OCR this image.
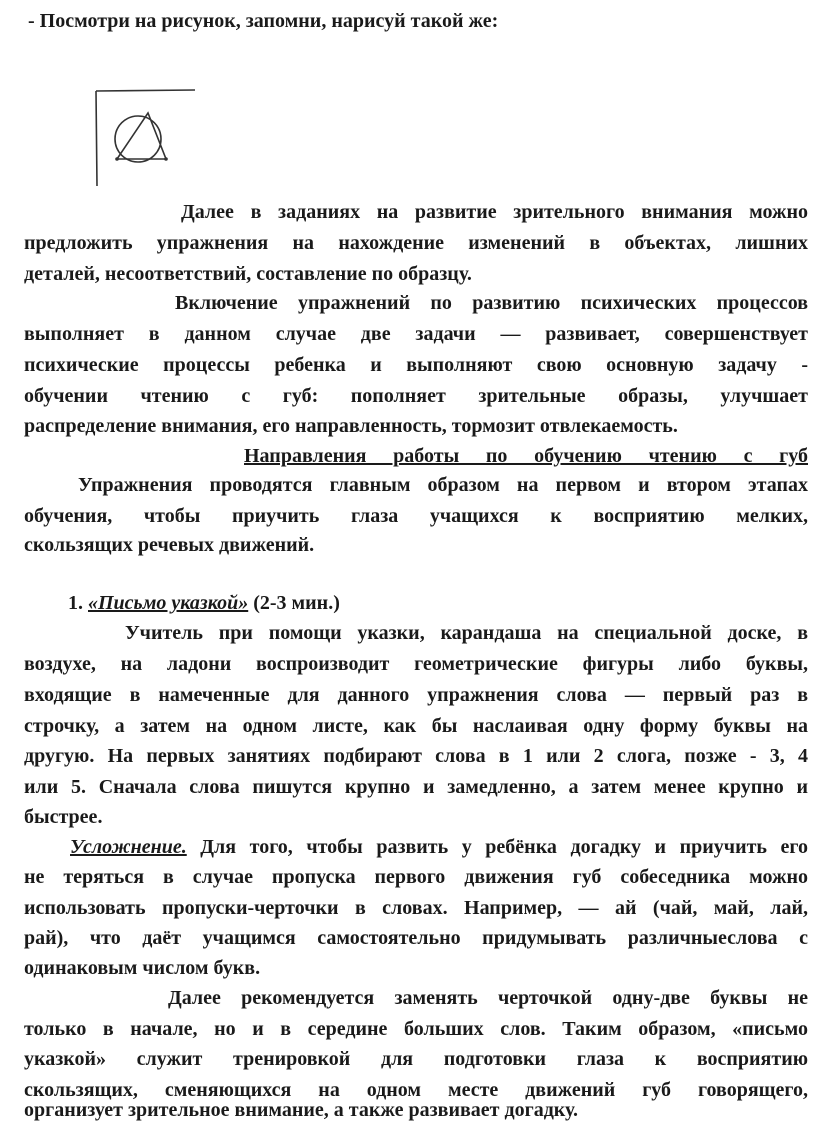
- Посмотри на рисунок, запомни, нарисуй такой же:
Далее в заданиях на развитие зрительного внимания можно
предложить упражнения на нахождение изменений в объектах, лишних
деталей, несоответствий, составление по образцу.
Включение упражнений по развитию психических процессов
выполняет в данном случае две задачи — развивает, совершенствует
психические процессы ребенка и выполняют свою основную задачу -
обучении чтению с губ: пополняет зрительные образы, улучшает
распределение внимания, его направленность, тормозит отвлекаемость.
Направления работы по обучению чтению с губ
Упражнения проводятся главным образом на первом и втором этапах
обучения, чтобы приучить глаза учащихся к восприятию мелких,
скользящих речевых движений.
1. «Письмо указкой» (2-3 мин.)
Учитель при помощи указки, карандаша на специальной доске, в
воздухе, на ладони воспроизводит геометрические фигуры либо буквы,
входящие в намеченные для данного упражнения слова — первый раз в
строчку, а затем на одном листе, как бы наслаивая одну форму буквы на
другую. На первых занятиях подбирают слова в 1 или 2 слога, позже - 3, 4
или 5. Сначала слова пишутся крупно и замедленно, а затем менее крупно и
быстрее.
Усложнение. Для того, чтобы развить у ребёнка догадку и приучить его
не теряться в случае пропуска первого движения губ собеседника можно
использовать пропуски-черточки в словах. Например, — ай (чай, май, лай,
рай), что даёт учащимся самостоятельно придумывать различныеслова с
одинаковым числом букв.
Далее рекомендуется заменять черточкой одну-две буквы не
только в начале, но и в середине больших слов. Таким образом, «письмо
указкой» служит тренировкой для подготовки глаза к восприятию
скользящих, сменяющихся на одном месте движений губ говорящего,
организует зрительное внимание, а также развивает догадку.
